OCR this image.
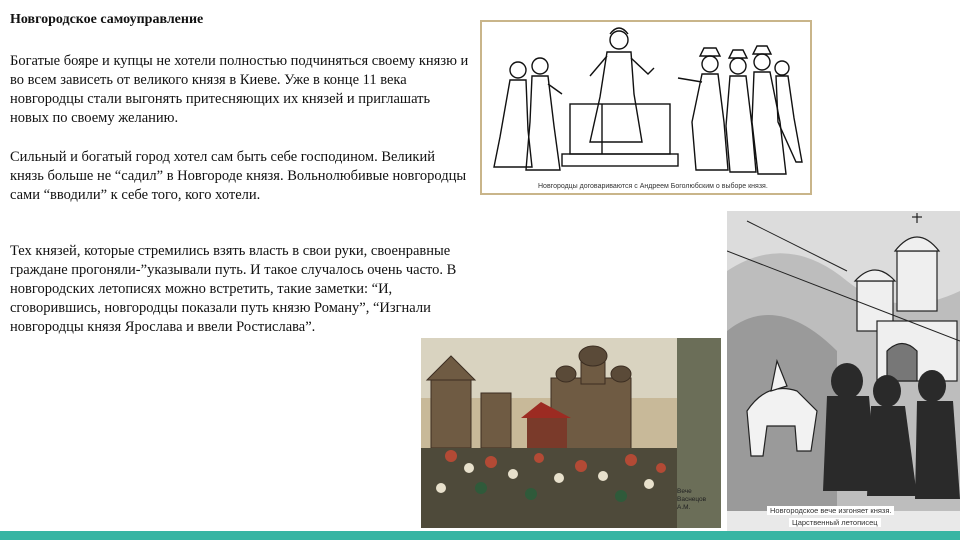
Новгородское самоуправление

Богатые бояре и купцы не хотели полностью подчиняться своему князю и во всем зависеть от великого князя в Киеве. Уже в конце 11 века новгородцы стали выгонять притесняющих их князей и приглашать новых по своему желанию.

Сильный и богатый город хотел сам быть себе господином. Великий князь больше не “садил” в Новгороде князя. Вольнолюбивые новгородцы сами “вводили” к себе того, кого хотели.

Тех князей, которые стремились взять власть в свои руки, своенравные граждане прогоняли-”указывали путь. И такое случалось очень часто. В новгородских летописях можно встретить, такие заметки: “И, сговорившись, новгородцы показали путь князю Роману”, “Изгнали новгородцы князя Ярослава и ввели Ростислава”.

Новгородцы договариваются с Андреем Боголюбским о выборе князя.
Новгородское вече изгоняет князя.
Царственный летописец
Вече
Васнецов А.М.
